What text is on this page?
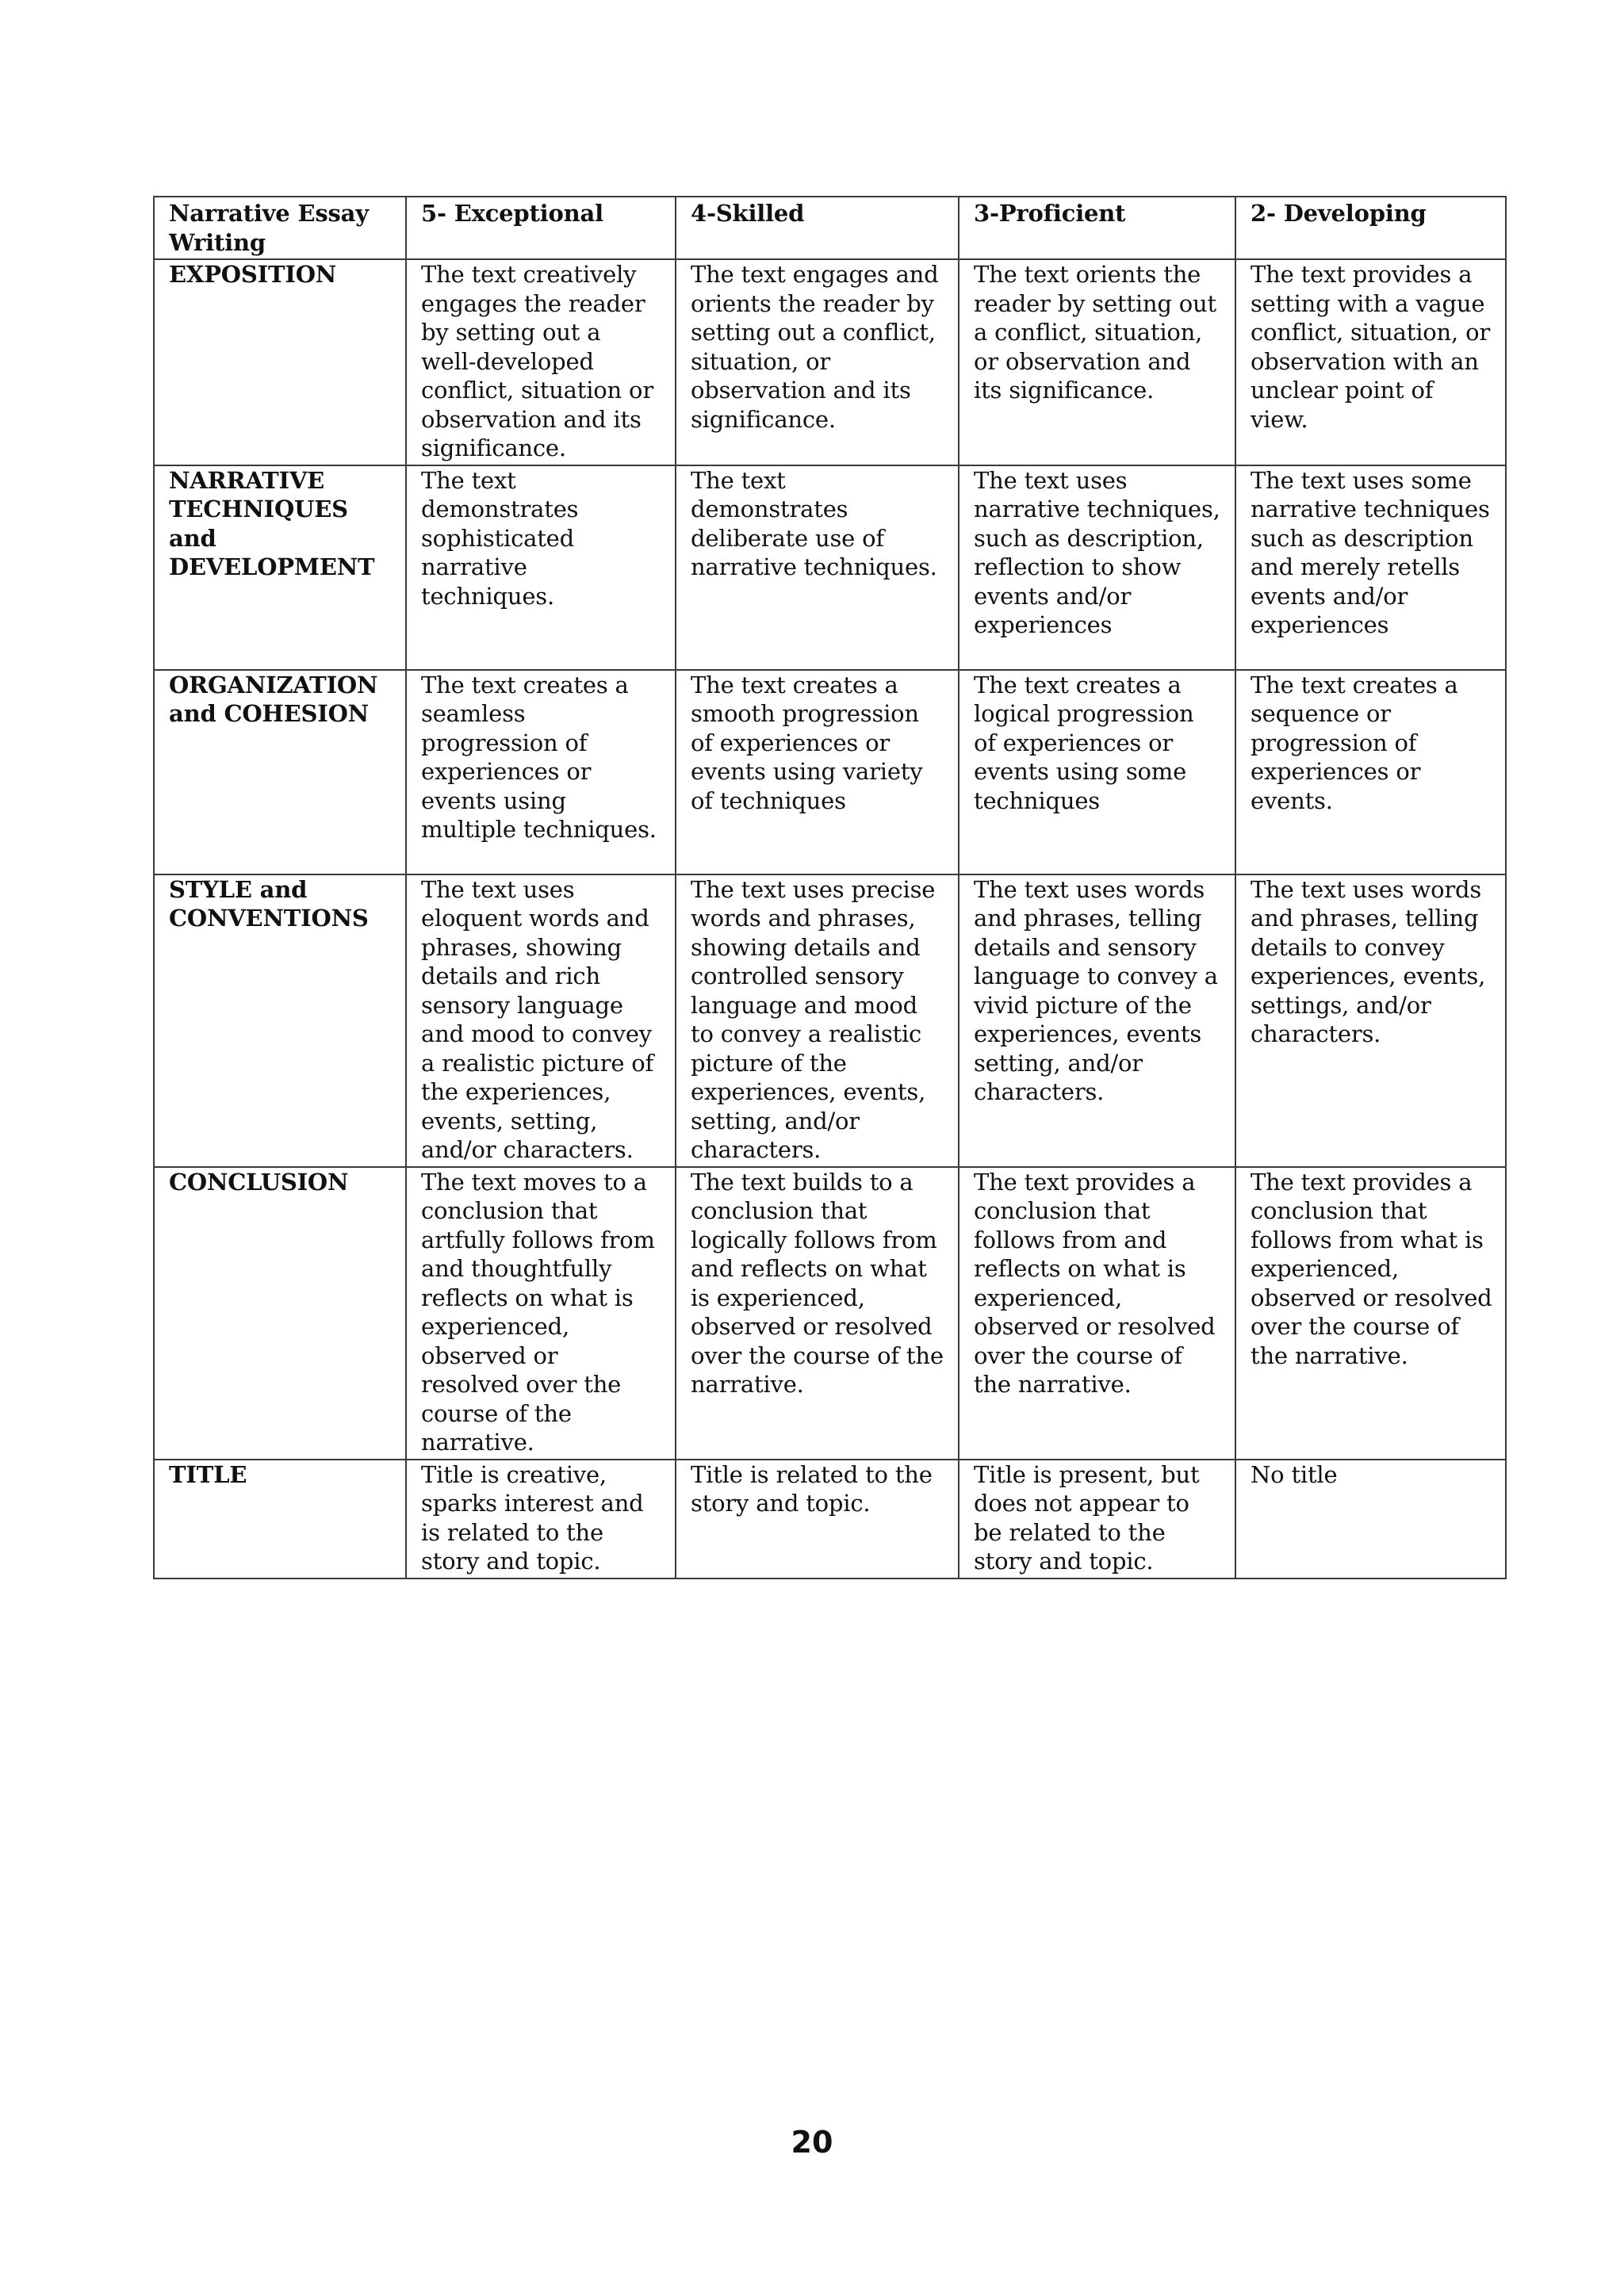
Narrative Essay Writing	5- Exceptional	4-Skilled	3-Proficient	2- Developing
EXPOSITION	The text creatively engages the reader by setting out a well-developed conflict, situation or observation and its significance.	The text engages and orients the reader by setting out a conflict, situation, or observation and its significance.	The text orients the reader by setting out a conflict, situation, or observation and its significance.	The text provides a setting with a vague conflict, situation, or observation with an unclear point of view.
NARRATIVE TECHNIQUES and DEVELOPMENT	The text demonstrates sophisticated narrative techniques.	The text demonstrates deliberate use of narrative techniques.	The text uses narrative techniques, such as description, reflection to show events and/or experiences	The text uses some narrative techniques such as description and merely retells events and/or experiences
ORGANIZATION and COHESION	The text creates a seamless progression of experiences or events using multiple techniques.	The text creates a smooth progression of experiences or events using variety of techniques	The text creates a logical progression of experiences or events using some techniques	The text creates a sequence or progression of experiences or events.
STYLE and CONVENTIONS	The text uses eloquent words and phrases, showing details and rich sensory language and mood to convey a realistic picture of the experiences, events, setting, and/or characters.	The text uses precise words and phrases, showing details and controlled sensory language and mood to convey a realistic picture of the experiences, events, setting, and/or characters.	The text uses words and phrases, telling details and sensory language to convey a vivid picture of the experiences, events setting, and/or characters.	The text uses words and phrases, telling details to convey experiences, events, settings, and/or characters.
CONCLUSION	The text moves to a conclusion that artfully follows from and thoughtfully reflects on what is experienced, observed or resolved over the course of the narrative.	The text builds to a conclusion that logically follows from and reflects on what is experienced, observed or resolved over the course of the narrative.	The text provides a conclusion that follows from and reflects on what is experienced, observed or resolved over the course of the narrative.	The text provides a conclusion that follows from what is experienced, observed or resolved over the course of the narrative.
TITLE	Title is creative, sparks interest and is related to the story and topic.	Title is related to the story and topic.	Title is present, but does not appear to be related to the story and topic.	No title
20
